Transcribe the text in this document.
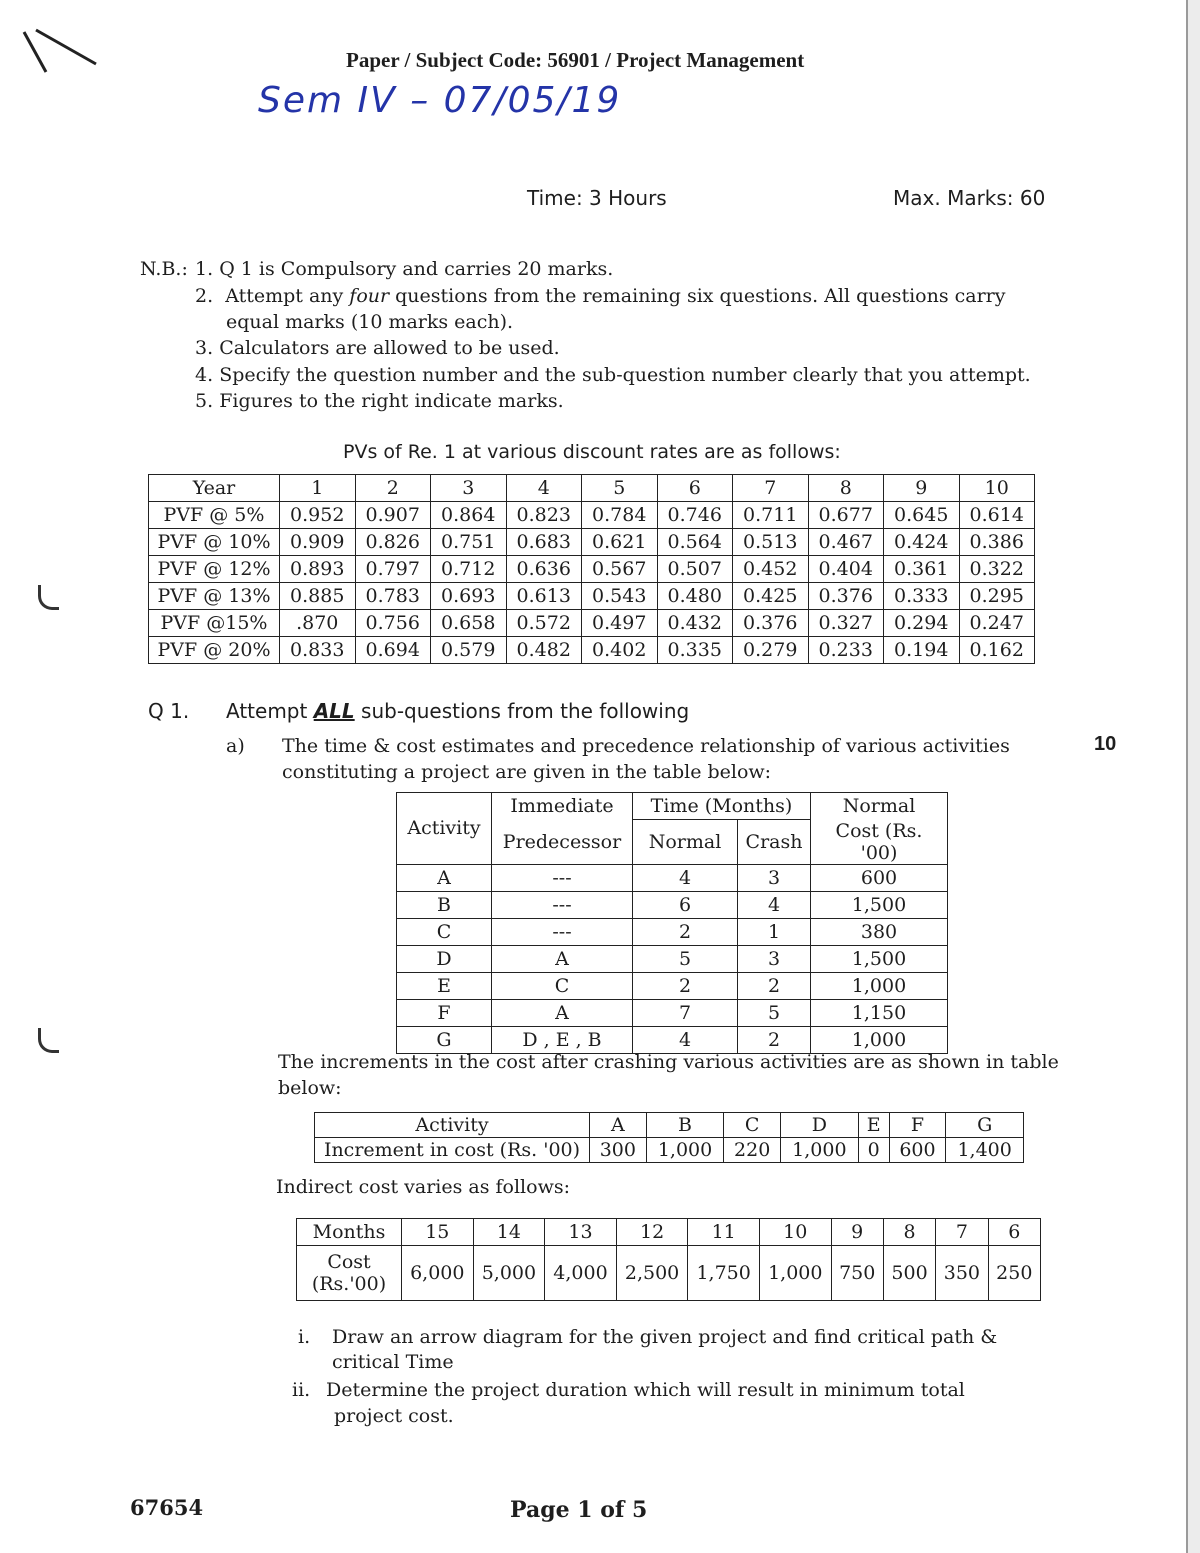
Paper / Subject Code: 56901 / Project Management
Sem IV – 07/05/19
Time: 3 Hours	Max. Marks: 60
N.B.: 1. Q 1 is Compulsory and carries 20 marks.
2. Attempt any four questions from the remaining six questions. All questions carry
equal marks (10 marks each).
3. Calculators are allowed to be used.
4. Specify the question number and the sub-question number clearly that you attempt.
5. Figures to the right indicate marks.
PVs of Re. 1 at various discount rates are as follows:
Year	1	2	3	4	5	6	7	8	9	10
PVF @ 5%	0.952	0.907	0.864	0.823	0.784	0.746	0.711	0.677	0.645	0.614
PVF @ 10%	0.909	0.826	0.751	0.683	0.621	0.564	0.513	0.467	0.424	0.386
PVF @ 12%	0.893	0.797	0.712	0.636	0.567	0.507	0.452	0.404	0.361	0.322
PVF @ 13%	0.885	0.783	0.693	0.613	0.543	0.480	0.425	0.376	0.333	0.295
PVF @15%	.870	0.756	0.658	0.572	0.497	0.432	0.376	0.327	0.294	0.247
PVF @ 20%	0.833	0.694	0.579	0.482	0.402	0.335	0.279	0.233	0.194	0.162
Q 1. Attempt ALL sub-questions from the following
a) The time & cost estimates and precedence relationship of various activities
constituting a project are given in the table below:
10
Activity	Immediate	Time (Months)		Normal
	Predecessor	Normal	Crash	Cost (Rs. '00)
A	---	4	3	600
B	---	6	4	1,500
C	---	2	1	380
D	A	5	3	1,500
E	C	2	2	1,000
F	A	7	5	1,150
G	D , E , B	4	2	1,000
The increments in the cost after crashing various activities are as shown in table
below:
Activity	A	B	C	D	E	F	G
Increment in cost (Rs. '00)	300	1,000	220	1,000	0	600	1,400
Indirect cost varies as follows:
Months	15	14	13	12	11	10	9	8	7	6

Cost
(Rs.'00)	6,000	5,000	4,000	2,500	1,750	1,000	750	500	350	250
i. Draw an arrow diagram for the given project and find critical path &
critical Time
ii. Determine the project duration which will result in minimum total
project cost.
67654	Page 1 of 5
